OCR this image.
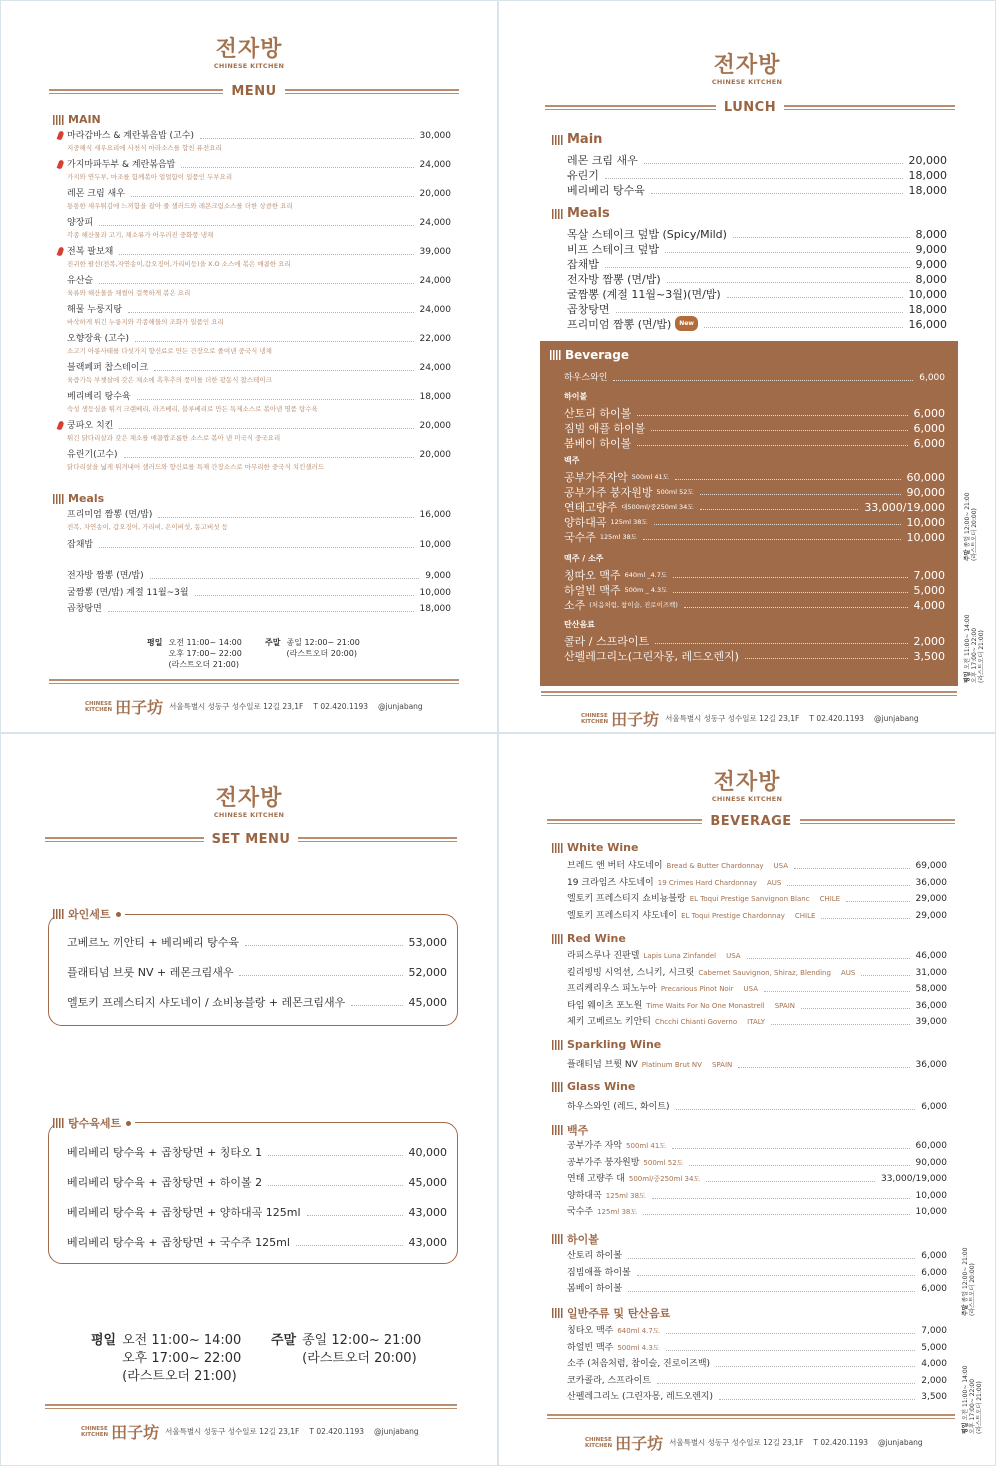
전자방
CHINESE KITCHEN
MENU
MAIN
마라감바스 & 계란볶음밥 (고수)	30,000
지중해식 새우요리에 사천식 마라소스를 합친 퓨전요리
가지마파두부 & 계란볶음밥	24,000
가지와 연두부, 마조를 함께볶아 얼얼함이 일품인 두부요리
레몬 크림 새우	20,000
통통한 새우튀김에 느끼함을 잡아 줄 샐러드와 레몬크림소스를 더한 상큼한 요리
양장피	24,000
각종 해산물과 고기, 채소류가 어우러진 중화풍 냉채
전복 팔보채	39,000
진귀한 팔선(전복,자연송이,갑오징어,가리비등)을 X.O 소스에 볶은 매콤한 요리
유산슬	24,000
육류와 해산물을 채썰어 걸쭉하게 볶은 요리
해물 누룽지탕	24,000
바삭하게 튀긴 누룽지와 각종해물의 조화가 일품인 요리
오향장육 (고수)	22,000
소고기 아롱사태를 다섯가지 향신료로 만든 간장으로 졸여낸 중국식 냉채
블랙페퍼 찹스테이크	24,000
육즙가득 부챗살에 갖은 채소에 흑후추의 풍미를 더한 광동식 찹스테이크
베리베리 탕수육	18,000
숙성 생등심을 튀겨 크랜베리, 라즈베리, 블루베리로 만든 특제소스로 볶아낸 명품 탕수육
쿵파오 치킨	20,000
튀긴 닭다리살과 갖은 채소를 매콤짭조롬한 소스로 볶아 낸 미국식 중국요리
유린기(고수)	20,000
닭다리살을 넓게 튀겨내어 샐러드와 향신료를 특제 간장소스로 마무리한 중국식 치킨샐러드
Meals
프리미엄 짬뽕 (면/밥)	16,000
전복, 자연송이, 갑오징어, 가리비, 은이버섯, 동고버섯 등
잡채밥	10,000
전자방 짬뽕 (면/밥)	9,000
굴짬뽕 (면/밥) 계절 11월~3월	10,000
곱창탕면	18,000
평일 오전 11:00~ 14:00
오후 17:00~ 22:00
(라스트오더 21:00)
주말 종일 12:00~ 21:00
(라스트오더 20:00)
CHINESE
KITCHEN 田子坊 서울특별시 성동구 성수일로 12길 23,1F T 02.420.1193 @junjabang
전자방
CHINESE KITCHEN
LUNCH
Main
레몬 크림 새우	20,000
유린기	18,000
베리베리 탕수육	18,000
Meals
목살 스테이크 덮밥 (Spicy/Mild)	8,000
비프 스테이크 덮밥	9,000
잡채밥	9,000
전자방 짬뽕 (면/밥)	8,000
굴짬뽕 (계절 11월~3월)(면/밥)	10,000
곱창탕면	18,000
프리미엄 짬뽕 (면/밥)	New	16,000
Beverage
하우스와인	6,000
하이볼
산토리 하이볼	6,000
짐빔 애플 하이볼	6,000
봄베이 하이볼	6,000
백주
공부가주자악 500ml 41도	60,000
공부가주 붕자원방 500ml 52도	90,000
연태고량주 대500ml/중250ml 34도	33,000/19,000
양하대곡 125ml 38도	10,000
국수주 125ml 38도	10,000
맥주 / 소주
칭따오 맥주 640ml _4.7도	7,000
하얼빈 맥주 500m _ 4.3도	5,000
소주 (처음처럼, 참이슬, 진로이즈백)	4,000
탄산음료
콜라 / 스프라이트	2,000
산펠레그리노(그린자몽, 레드오렌지)	3,500
주말 종일 12:00~ 21:00
(라스트오더 20:00)
평일 오전 11:00~ 14:00
오후 17:00~ 22:00
(라스트오더 21:00)
CHINESE
KITCHEN 田子坊 서울특별시 성동구 성수일로 12길 23,1F T 02.420.1193 @junjabang
전자방
CHINESE KITCHEN
SET MENU
와인세트
고베르노 끼안티 + 베리베리 탕수육	53,000
플래티넘 브룻 NV + 레몬크림새우	52,000
엘토키 프레스티지 샤도네이 / 쇼비뇽블랑 + 레몬크림새우	45,000
탕수육세트
베리베리 탕수육 + 곱창탕면 + 칭타오 1	40,000
베리베리 탕수육 + 곱창탕면 + 하이볼 2	45,000
베리베리 탕수육 + 곱창탕면 + 양하대곡 125ml	43,000
베리베리 탕수육 + 곱창탕면 + 국수주 125ml	43,000
평일 오전 11:00~ 14:00
오후 17:00~ 22:00
(라스트오더 21:00)
주말 종일 12:00~ 21:00
(라스트오더 20:00)
CHINESE
KITCHEN 田子坊 서울특별시 성동구 성수일로 12길 23,1F T 02.420.1193 @junjabang
전자방
CHINESE KITCHEN
BEVERAGE
White Wine
브레드 앤 버터 샤도네이 Bread & Butter Chardonnay USA	69,000
19 크라임즈 샤도네이 19 Crimes Hard Chardonnay AUS	36,000
엘토키 프레스티지 쇼비뇽블랑 EL Toqui Prestige Sanvignon Blanc CHILE	29,000
엘토키 프레스티지 샤도네이 EL Toqui Prestige Chardonnay CHILE	29,000
Red Wine
라피스루나 진판델 Lapis Luna Zinfandel USA	46,000
킬리빙빙 시억션, 스니키, 시크릿 Cabernet Sauvignon, Shiraz, Blending AUS	31,000
프리케리우스 피노누아 Precarious Pinot Noir USA	58,000
타임 웨이츠 포노원 Time Waits For No One Monastrell SPAIN	36,000
체키 고베르노 키안티 Chcchi Chianti Governo ITALY	39,000
Sparkling Wine
플래티넘 브륏 NV Platinum Brut NV SPAIN	36,000
Glass Wine
하우스와인 (레드, 화이트)	6,000
백주
공부가주 자악 500ml 41도	60,000
공부가주 붕자원방 500ml 52도	90,000
연태 고량주 대 500ml/중250ml 34도	33,000/19,000
양하대곡 125ml 38도	10,000
국수주 125ml 38도	10,000
하이볼
산토리 하이볼	6,000
짐빔애플 하이볼	6,000
봄베이 하이볼	6,000
일반주류 및 탄산음료
칭타오 맥주 640ml 4.7도	7,000
하얼빈 맥주 500ml 4.3도	5,000
소주 (처음처럼, 참이슬, 진로이즈백)	4,000
코카콜라, 스프라이트	2,000
산펠레그리노 (그린자몽, 레드오렌지)	3,500
주말 종일 12:00~ 21:00
(라스트오더 20:00)
평일 오전 11:00~ 14:00
오후 17:00~ 22:00
(라스트오더 21:00)
CHINESE
KITCHEN 田子坊 서울특별시 성동구 성수일로 12길 23,1F T 02.420.1193 @junjabang
